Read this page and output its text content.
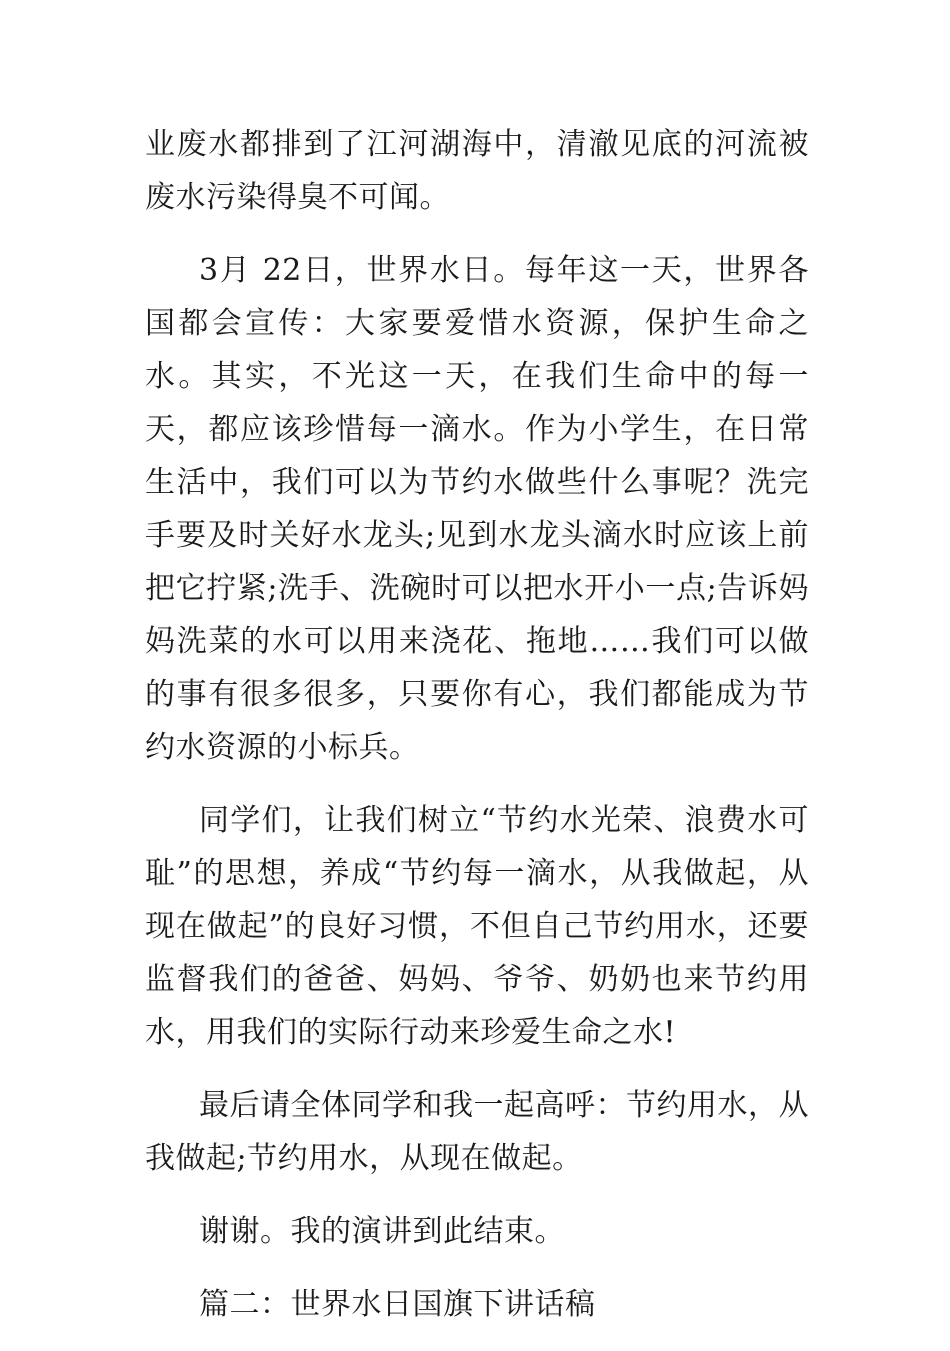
业废水都排到了江河湖海中，清澈见底的河流被废水污染得臭不可闻。

3月 22日，世界水日。每年这一天，世界各国都会宣传：大家要爱惜水资源，保护生命之水。其实，不光这一天，在我们生命中的每一天，都应该珍惜每一滴水。作为小学生，在日常生活中，我们可以为节约水做些什么事呢？洗完手要及时关好水龙头;见到水龙头滴水时应该上前把它拧紧;洗手、洗碗时可以把水开小一点;告诉妈妈洗菜的水可以用来浇花、拖地……我们可以做的事有很多很多，只要你有心，我们都能成为节约水资源的小标兵。

同学们，让我们树立“节约水光荣、浪费水可耻”的思想，养成“节约每一滴水，从我做起，从现在做起”的良好习惯，不但自己节约用水，还要监督我们的爸爸、妈妈、爷爷、奶奶也来节约用水，用我们的实际行动来珍爱生命之水!

最后请全体同学和我一起高呼：节约用水，从我做起;节约用水，从现在做起。

谢谢。我的演讲到此结束。

篇二：世界水日国旗下讲话稿
